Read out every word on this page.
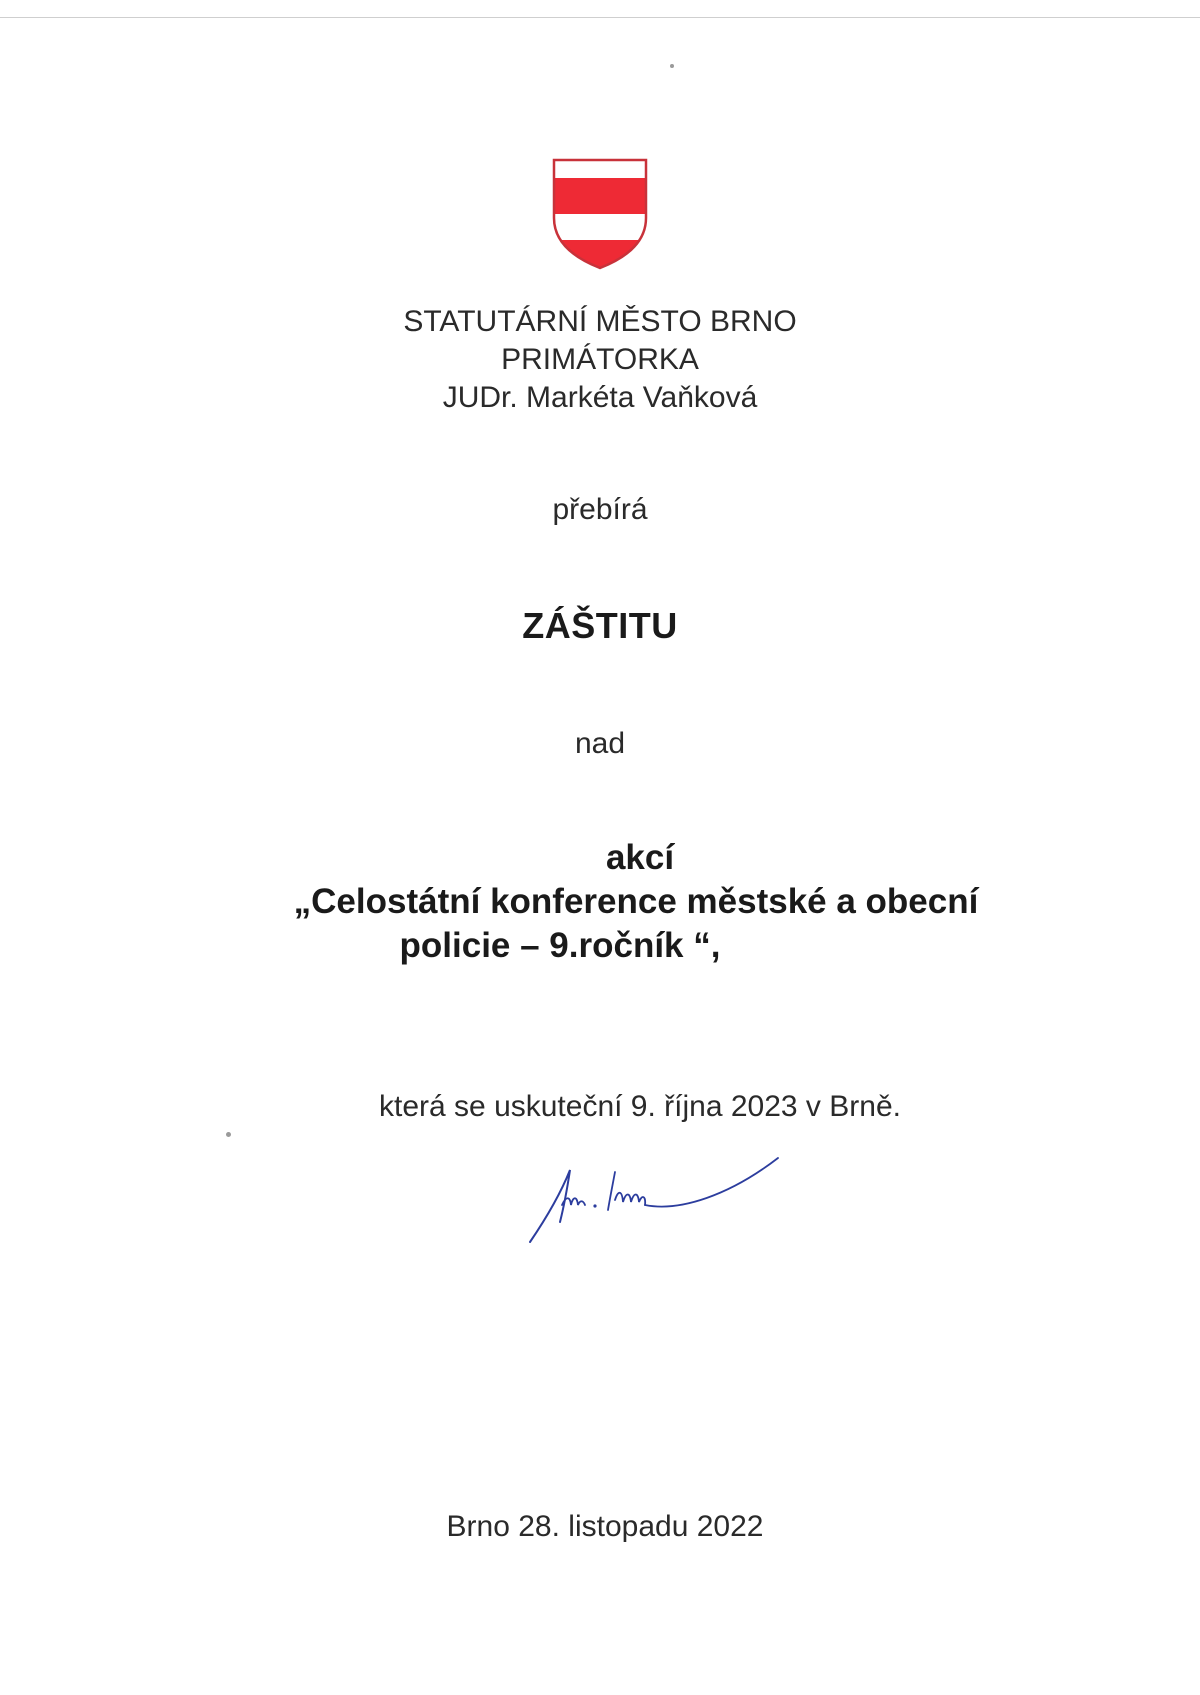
STATUTÁRNÍ MĚSTO BRNO
PRIMÁTORKA
JUDr. Markéta Vaňková
přebírá
ZÁŠTITU
nad
akcí
„Celostátní konference městské a obecní
policie – 9.ročník “,
která se uskuteční 9. října 2023 v Brně.
Brno 28. listopadu 2022
